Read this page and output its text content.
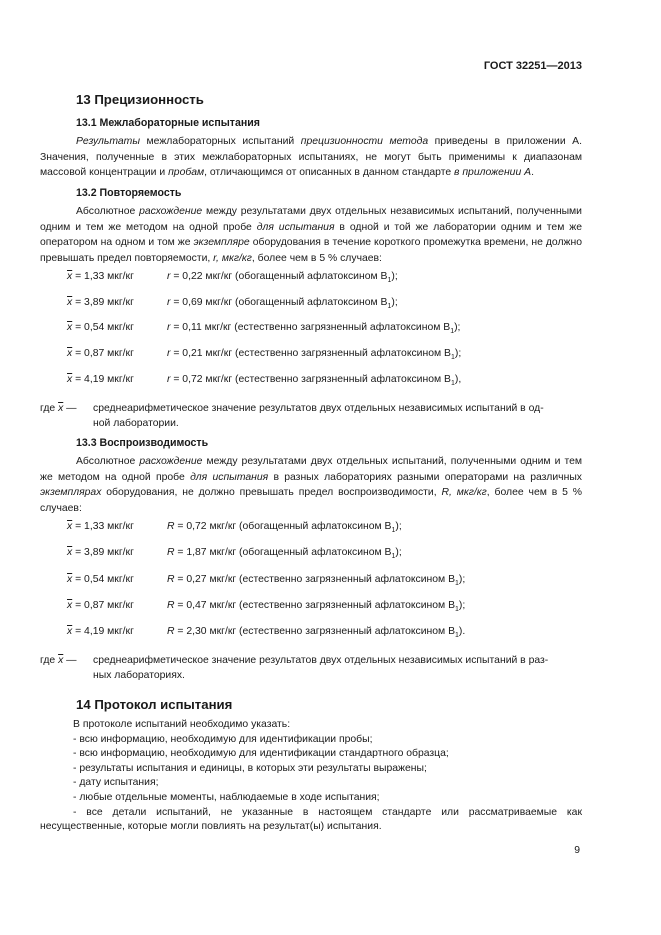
ГОСТ 32251—2013
13 Прецизионность
13.1 Межлабораторные испытания
Результаты межлабораторных испытаний прецизионности метода приведены в приложении А. Значения, полученные в этих межлабораторных испытаниях, не могут быть применимы к диапазонам массовой концентрации и пробам, отличающимся от описанных в данном стандарте в приложении А.
13.2 Повторяемость
Абсолютное расхождение между результатами двух отдельных независимых испытаний, полученными одним и тем же методом на одной пробе для испытания в одной и той же лаборатории одним и тем же оператором на одном и том же экземпляре оборудования в течение короткого промежутка времени, не должно превышать предел повторяемости, r, мкг/кг, более чем в 5 % случаев:
$\overline{x} = 1,33$ мкг/кг	r = 0,22 мкг/кг (обогащенный афлатоксином $В_1$);
$\overline{x} = 3,89$ мкг/кг	r = 0,69 мкг/кг (обогащенный афлатоксином $В_1$);
$\overline{x} = 0,54$ мкг/кг	r = 0,11 мкг/кг (естественно загрязненный афлатоксином $В_1$);
$\overline{x} = 0,87$ мкг/кг	r = 0,21 мкг/кг (естественно загрязненный афлатоксином $В_1$);
$\overline{x} = 4,19$ мкг/кг	r = 0,72 мкг/кг (естественно загрязненный афлатоксином $В_1$),
где $\overline{x}$ — среднеарифметическое значение результатов двух отдельных независимых испытаний в од-
ной лаборатории.
13.3 Воспроизводимость
Абсолютное расхождение между результатами двух отдельных испытаний, полученными одним и тем же методом на одной пробе для испытания в разных лабораториях разными операторами на различных экземплярах оборудования, не должно превышать предел воспроизводимости, R, мкг/кг, более чем в 5 % случаев:
$\overline{x} = 1,33$ мкг/кг	R = 0,72 мкг/кг (обогащенный афлатоксином $В_1$);
$\overline{x} = 3,89$ мкг/кг	R = 1,87 мкг/кг (обогащенный афлатоксином $В_1$);
$\overline{x} = 0,54$ мкг/кг	R = 0,27 мкг/кг (естественно загрязненный афлатоксином $В_1$);
$\overline{x} = 0,87$ мкг/кг	R = 0,47 мкг/кг (естественно загрязненный афлатоксином $В_1$);
$\overline{x} = 4,19$ мкг/кг	R = 2,30 мкг/кг (естественно загрязненный афлатоксином $В_1$).
где $\overline{x}$ — среднеарифметическое значение результатов двух отдельных независимых испытаний в раз-
ных лабораториях.
14 Протокол испытания
В протоколе испытаний необходимо указать:
- всю информацию, необходимую для идентификации пробы;
- всю информацию, необходимую для идентификации стандартного образца;
- результаты испытания и единицы, в которых эти результаты выражены;
- дату испытания;
- любые отдельные моменты, наблюдаемые в ходе испытания;
- все детали испытаний, не указанные в настоящем стандарте или рассматриваемые как несущественные, которые могли повлиять на результат(ы) испытания.
9
